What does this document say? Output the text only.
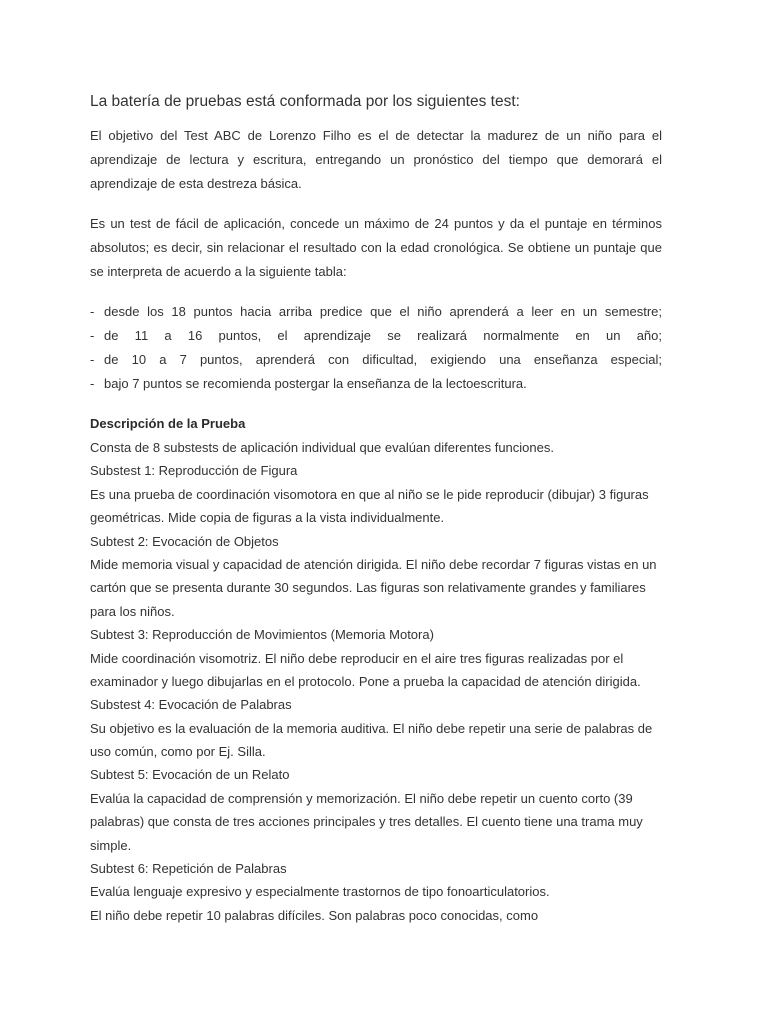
La batería de pruebas está conformada por los siguientes test:
El objetivo del Test ABC de Lorenzo Filho es el de detectar la madurez de un niño para el aprendizaje de lectura y escritura, entregando un pronóstico del tiempo que demorará el aprendizaje de esta destreza básica.
Es un test de fácil de aplicación, concede un máximo de 24 puntos y da el puntaje en términos absolutos; es decir, sin relacionar el resultado con la edad cronológica. Se obtiene un puntaje que se interpreta de acuerdo a la siguiente tabla:
- desde los 18 puntos hacia arriba predice que el niño aprenderá a leer en un semestre;
- de 11 a 16 puntos, el aprendizaje se realizará normalmente en un año;
- de 10 a 7 puntos, aprenderá con dificultad, exigiendo una enseñanza especial;
- bajo 7 puntos se recomienda postergar la enseñanza de la lectoescritura.
Descripción de la Prueba
Consta de 8 substests de aplicación individual que evalúan diferentes funciones.
Substest 1: Reproducción de Figura
Es una prueba de coordinación visomotora en que al niño se le pide reproducir (dibujar) 3 figuras
geométricas. Mide copia de figuras a la vista individualmente.
Subtest 2: Evocación de Objetos
Mide memoria visual y capacidad de atención dirigida. El niño debe recordar 7 figuras vistas en un
cartón que se presenta durante 30 segundos. Las figuras son relativamente grandes y familiares
para los niños.
Subtest 3: Reproducción de Movimientos (Memoria Motora)
Mide coordinación visomotriz. El niño debe reproducir en el aire tres figuras realizadas por el
examinador y luego dibujarlas en el protocolo. Pone a prueba la capacidad de atención dirigida.
Substest 4: Evocación de Palabras
Su objetivo es la evaluación de la memoria auditiva. El niño debe repetir una serie de palabras de
uso común, como por Ej. Silla.
Subtest 5: Evocación de un Relato
Evalúa la capacidad de comprensión y memorización. El niño debe repetir un cuento corto (39
palabras) que consta de tres acciones principales y tres detalles. El cuento tiene una trama muy
simple.
Subtest 6: Repetición de Palabras
Evalúa lenguaje expresivo y especialmente trastornos de tipo fonoarticulatorios.
El niño debe repetir 10 palabras difíciles. Son palabras poco conocidas, como
